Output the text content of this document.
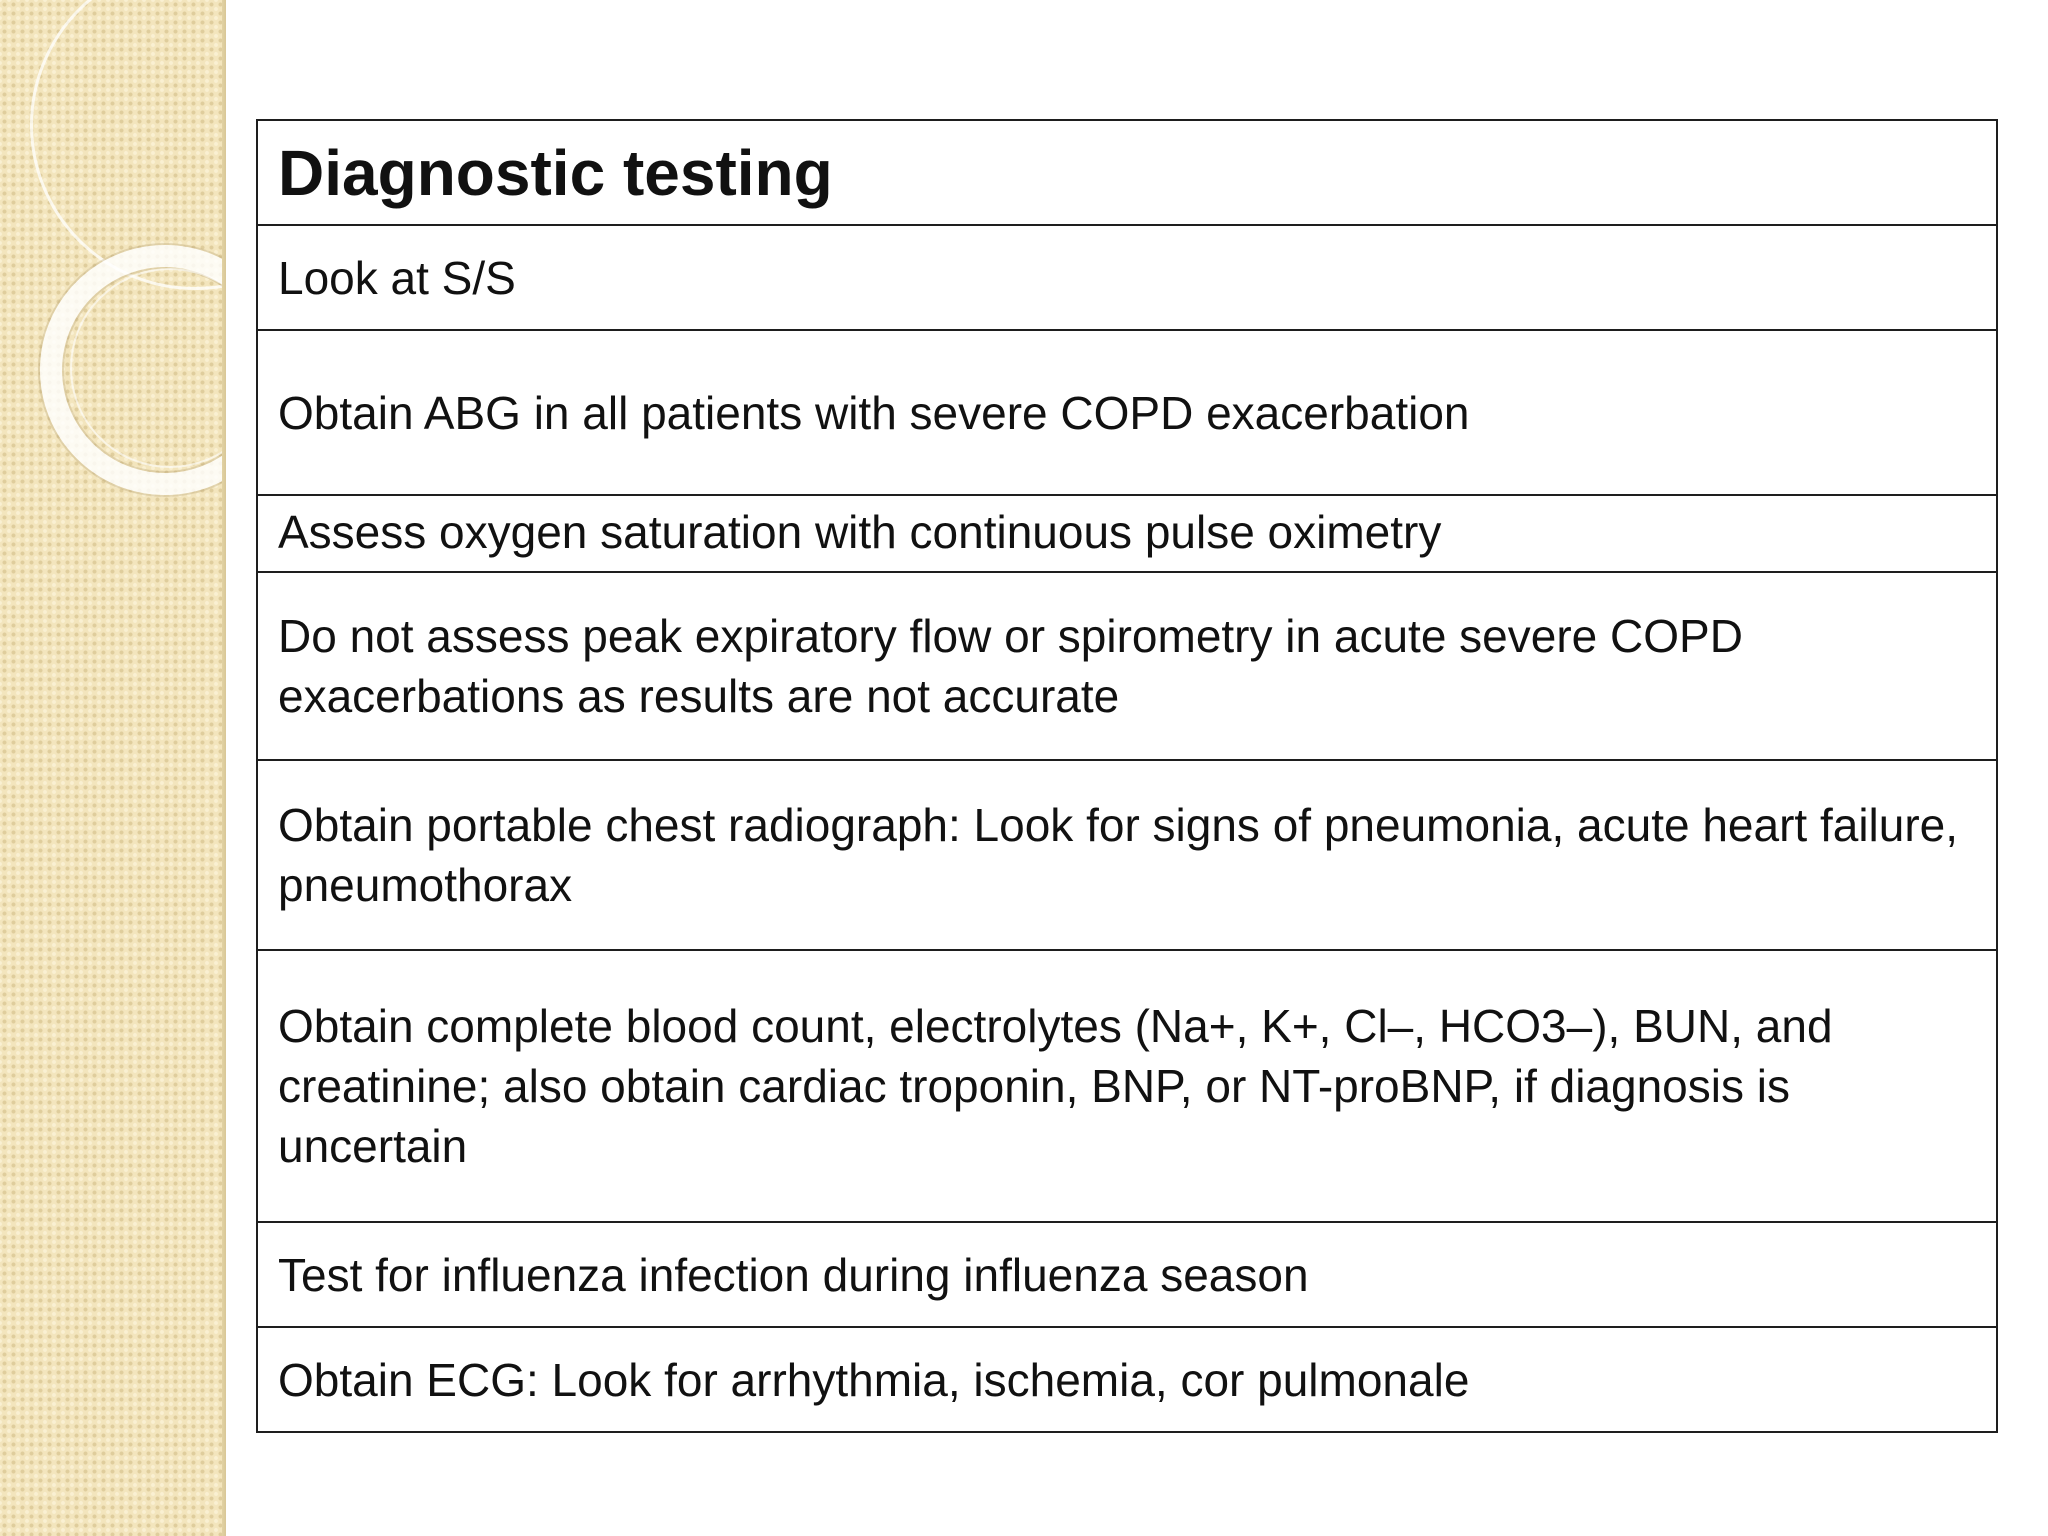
Diagnostic testing
Look at S/S
Obtain ABG in all patients with severe COPD exacerbation
Assess oxygen saturation with continuous pulse oximetry
Do not assess peak expiratory flow or spirometry in acute severe COPD exacerbations as results are not accurate
Obtain portable chest radiograph: Look for signs of pneumonia, acute heart failure, pneumothorax
Obtain complete blood count, electrolytes (Na+, K+, Cl–, HCO3–), BUN, and creatinine; also obtain cardiac troponin, BNP, or NT-proBNP, if diagnosis is uncertain
Test for influenza infection during influenza season
Obtain ECG: Look for arrhythmia, ischemia, cor pulmonale
